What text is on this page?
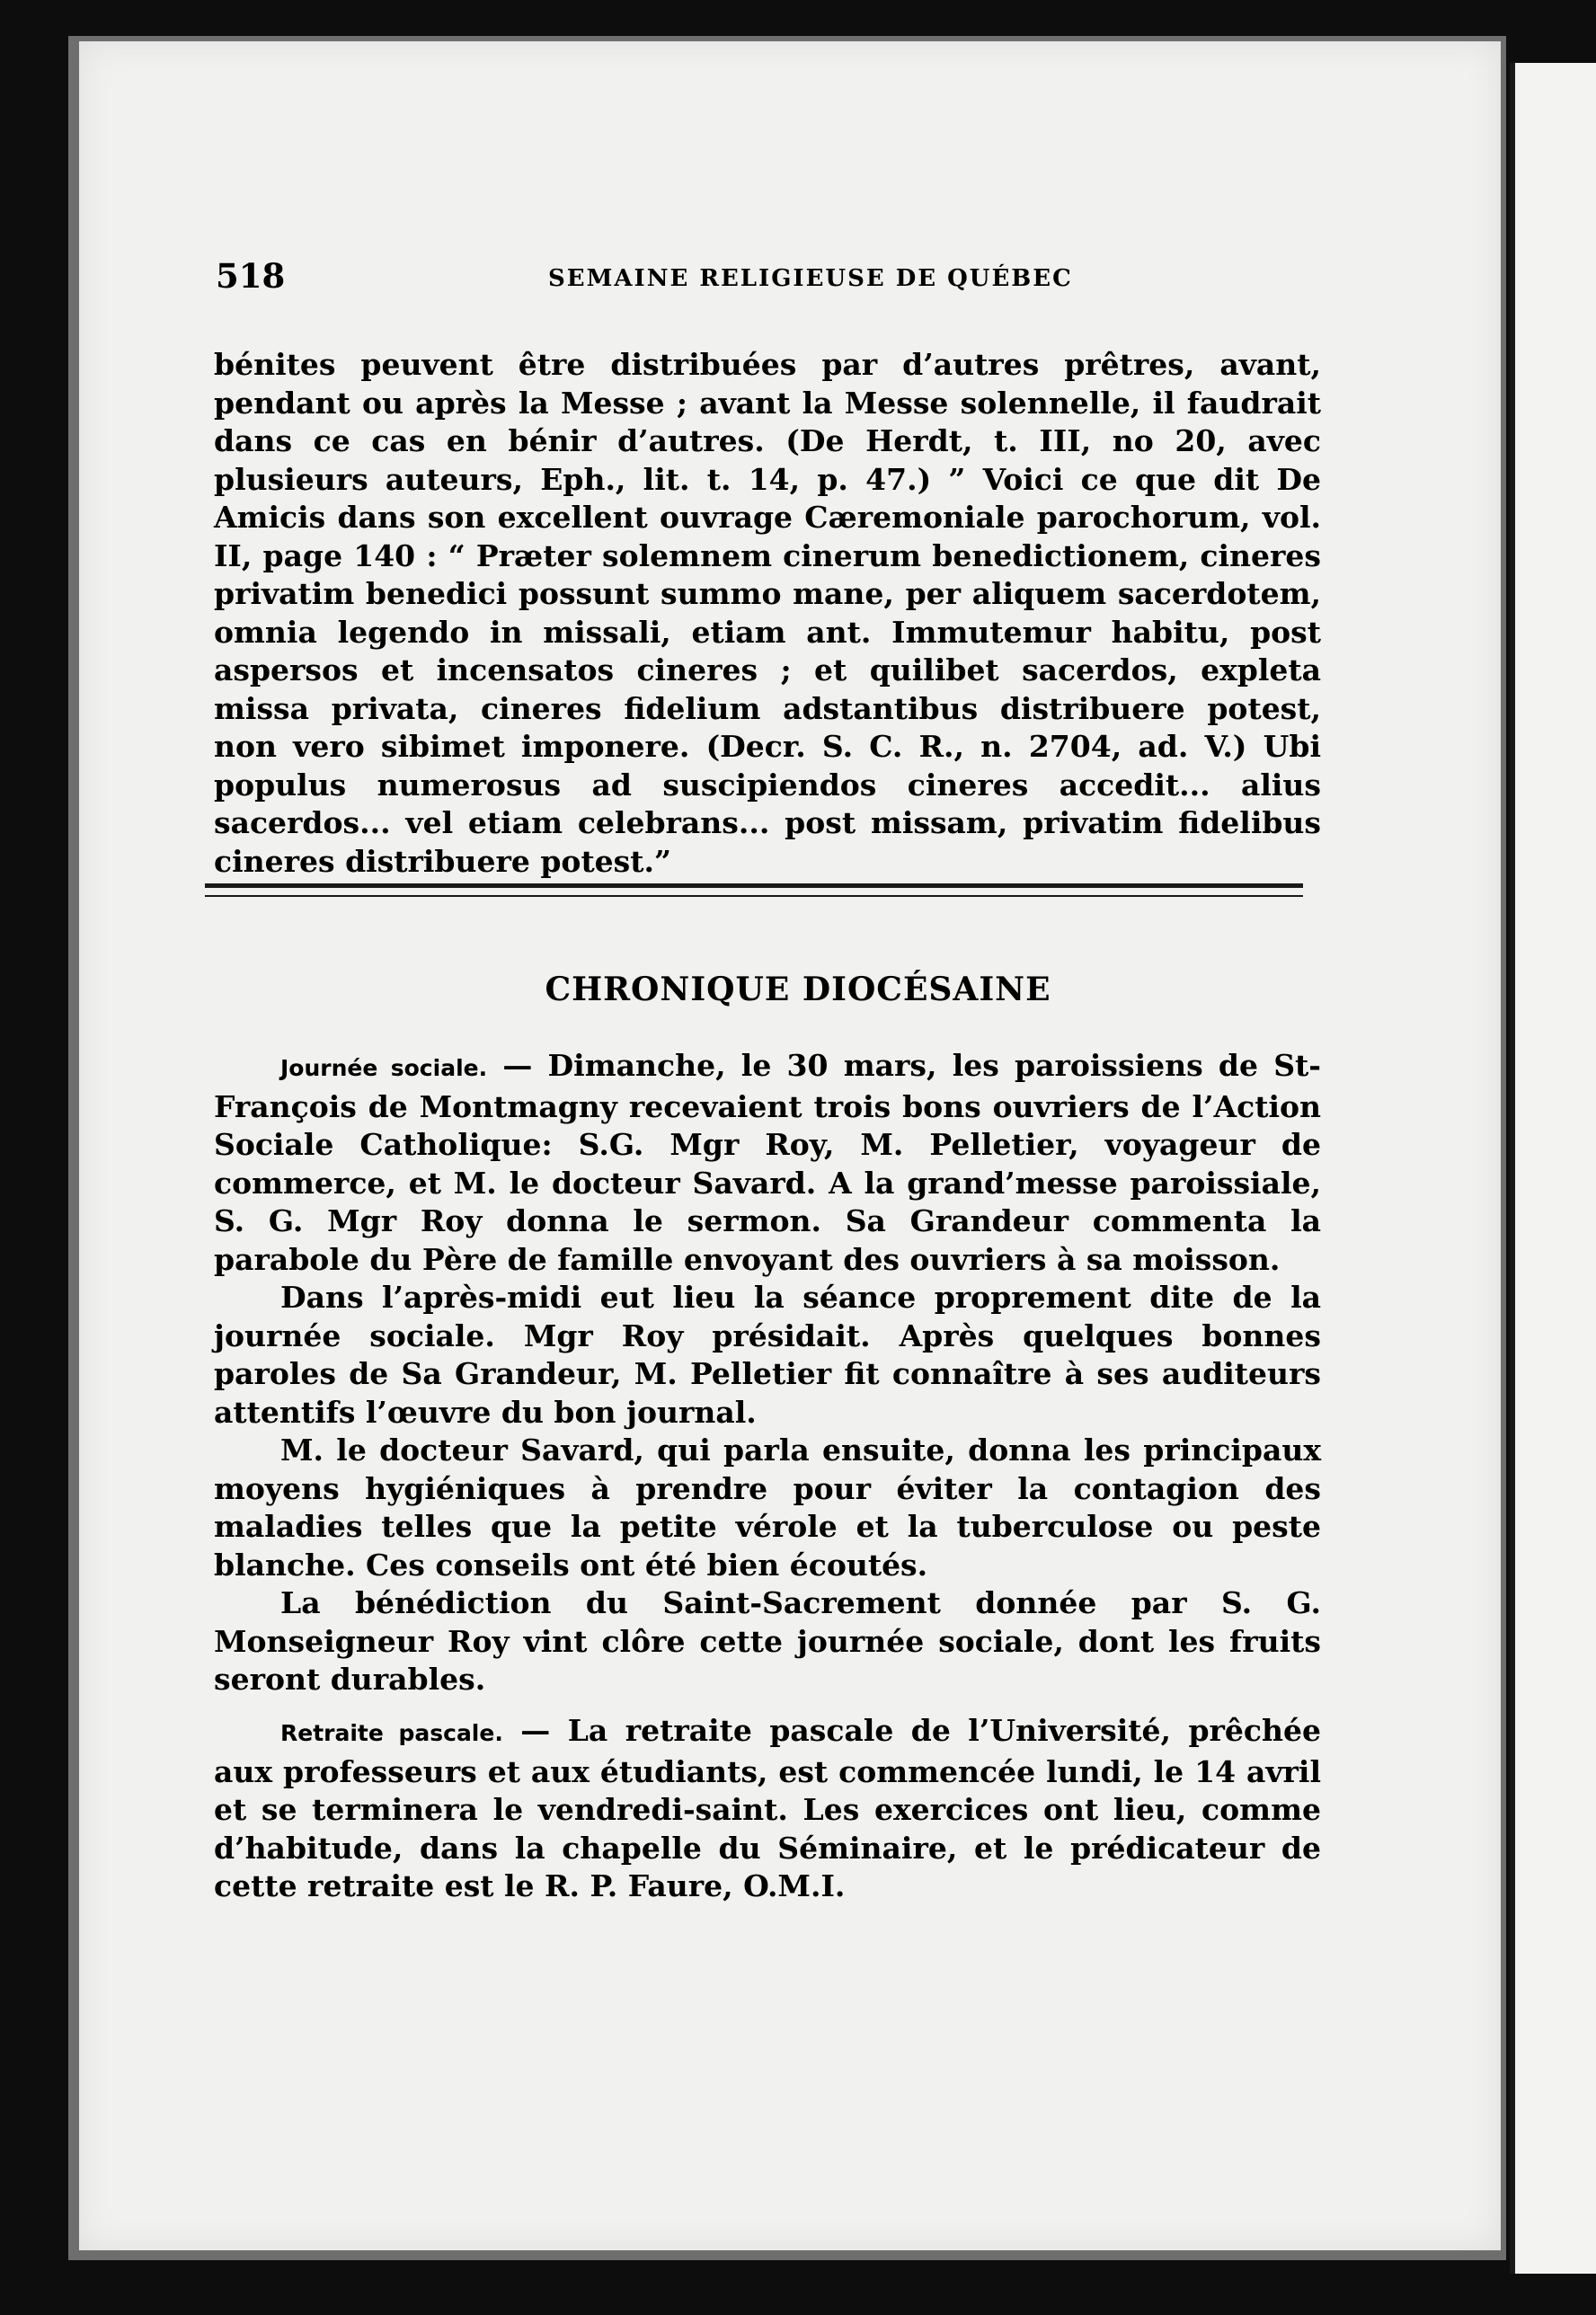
518	SEMAINE RELIGIEUSE DE QUÉBEC

bénites peuvent être distribuées par d’autres prêtres, avant, pendant ou après la Messe ; avant la Messe solennelle, il faudrait dans ce cas en bénir d’autres. (De Herdt, t. III, no 20, avec plusieurs auteurs, Eph., lit. t. 14, p. 47.) ” Voici ce que dit De Amicis dans son excellent ouvrage Cæremoniale parochorum, vol. II, page 140 : “ Præter solemnem cinerum benedictionem, cineres privatim benedici possunt summo mane, per aliquem sacerdotem, omnia legendo in missali, etiam ant. Immutemur habitu, post aspersos et incensatos cineres ; et quilibet sacerdos, expleta missa privata, cineres fidelium adstantibus distribuere potest, non vero sibimet imponere. (Decr. S. C. R., n. 2704, ad. V.) Ubi populus numerosus ad suscipiendos cineres accedit... alius sacerdos... vel etiam celebrans... post missam, privatim fidelibus cineres distribuere potest.”

CHRONIQUE DIOCÉSAINE

Journée sociale. — Dimanche, le 30 mars, les paroissiens de St-François de Montmagny recevaient trois bons ouvriers de l’Action Sociale Catholique: S.G. Mgr Roy, M. Pelletier, voyageur de commerce, et M. le docteur Savard. A la grand’messe paroissiale, S. G. Mgr Roy donna le sermon. Sa Grandeur commenta la parabole du Père de famille envoyant des ouvriers à sa moisson.

Dans l’après-midi eut lieu la séance proprement dite de la journée sociale. Mgr Roy présidait. Après quelques bonnes paroles de Sa Grandeur, M. Pelletier fit connaître à ses auditeurs attentifs l’œuvre du bon journal.

M. le docteur Savard, qui parla ensuite, donna les principaux moyens hygiéniques à prendre pour éviter la contagion des maladies telles que la petite vérole et la tuberculose ou peste blanche. Ces conseils ont été bien écoutés.

La bénédiction du Saint-Sacrement donnée par S. G. Monseigneur Roy vint clôre cette journée sociale, dont les fruits seront durables.

Retraite pascale. — La retraite pascale de l’Université, prêchée aux professeurs et aux étudiants, est commencée lundi, le 14 avril et se terminera le vendredi-saint. Les exercices ont lieu, comme d’habitude, dans la chapelle du Séminaire, et le prédicateur de cette retraite est le R. P. Faure, O.M.I.
